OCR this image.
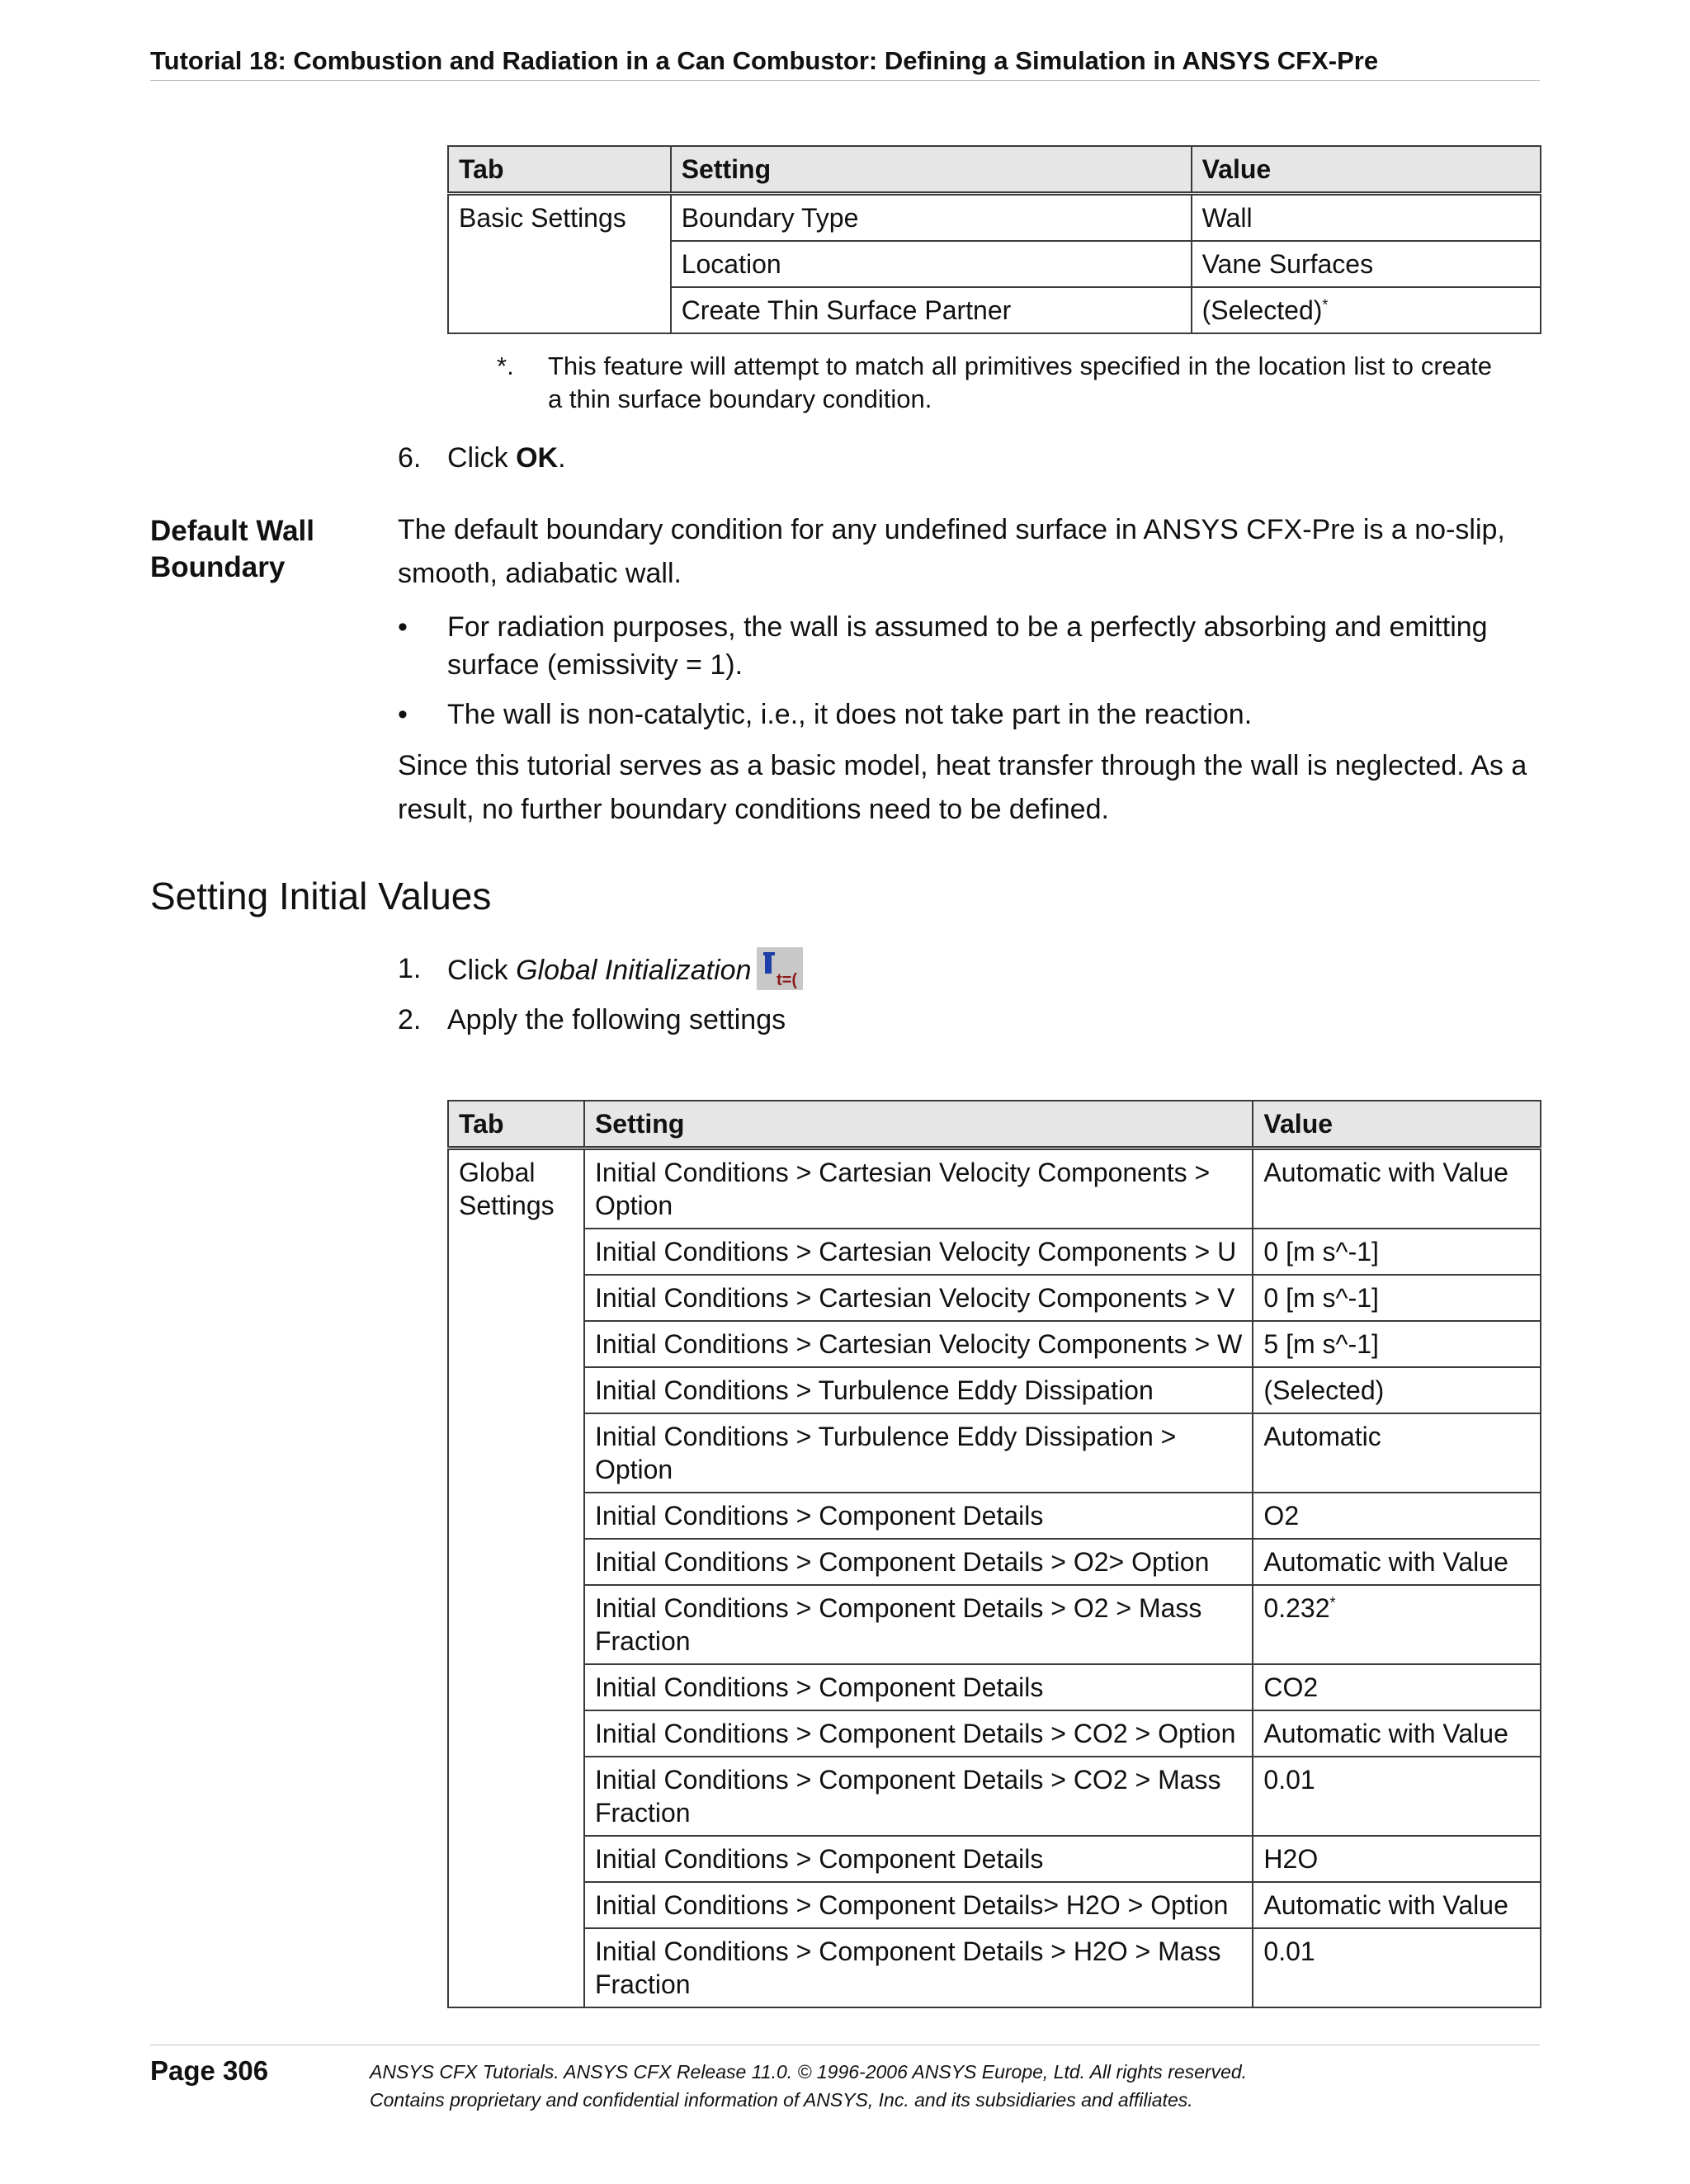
Tutorial 18: Combustion and Radiation in a Can Combustor: Defining a Simulation in ANSYS CFX-Pre
Tab	Setting	Value
Basic Settings	Boundary Type	Wall
	Location	Vane Surfaces
	Create Thin Surface Partner	(Selected)*
*. This feature will attempt to match all primitives specified in the location list to create a thin surface boundary condition.
6. Click OK.
Default Wall Boundary
The default boundary condition for any undefined surface in ANSYS CFX-Pre is a no-slip, smooth, adiabatic wall.
• For radiation purposes, the wall is assumed to be a perfectly absorbing and emitting surface (emissivity = 1).
• The wall is non-catalytic, i.e., it does not take part in the reaction.
Since this tutorial serves as a basic model, heat transfer through the wall is neglected. As a result, no further boundary conditions need to be defined.
Setting Initial Values
1. Click Global Initialization t=(
2. Apply the following settings
Tab	Setting	Value
Global Settings	Initial Conditions > Cartesian Velocity Components > Option	Automatic with Value
	Initial Conditions > Cartesian Velocity Components > U	0 [m s^-1]
	Initial Conditions > Cartesian Velocity Components > V	0 [m s^-1]
	Initial Conditions > Cartesian Velocity Components > W	5 [m s^-1]
	Initial Conditions > Turbulence Eddy Dissipation	(Selected)
	Initial Conditions > Turbulence Eddy Dissipation > Option	Automatic
	Initial Conditions > Component Details	O2
	Initial Conditions > Component Details > O2> Option	Automatic with Value
	Initial Conditions > Component Details > O2 > Mass Fraction	0.232*
	Initial Conditions > Component Details	CO2
	Initial Conditions > Component Details > CO2 > Option	Automatic with Value
	Initial Conditions > Component Details > CO2 > Mass Fraction	0.01
	Initial Conditions > Component Details	H2O
	Initial Conditions > Component Details> H2O > Option	Automatic with Value
	Initial Conditions > Component Details > H2O > Mass Fraction	0.01
Page 306	ANSYS CFX Tutorials. ANSYS CFX Release 11.0. © 1996-2006 ANSYS Europe, Ltd. All rights reserved.
Contains proprietary and confidential information of ANSYS, Inc. and its subsidiaries and affiliates.
